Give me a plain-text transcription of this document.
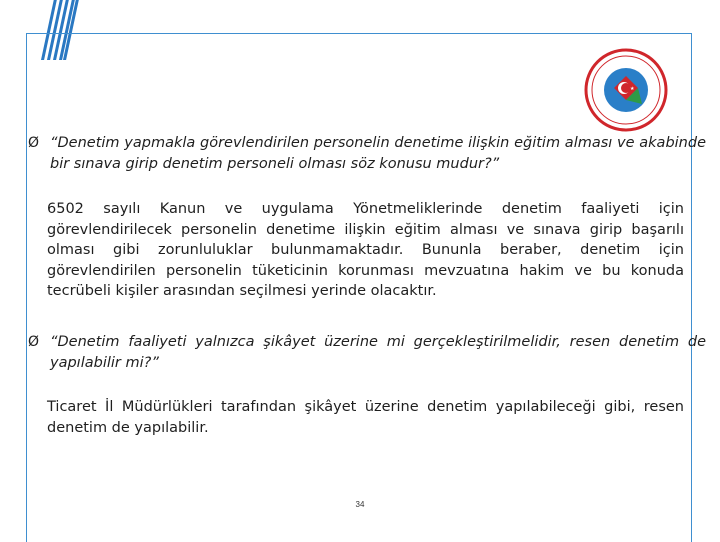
★
Ø “Denetim yapmakla görevlendirilen personelin denetime ilişkin eğitim alması ve akabinde bir sınava girip denetim personeli olması söz konusu mudur?”
6502 sayılı Kanun ve uygulama Yönetmeliklerinde denetim faaliyeti için görevlendirilecek personelin denetime ilişkin eğitim alması ve sınava girip başarılı olması gibi zorunluluklar bulunmamaktadır. Bununla beraber, denetim için görevlendirilen personelin tüketicinin korunması mevzuatına hakim ve bu konuda tecrübeli kişiler arasından seçilmesi yerinde olacaktır.
Ø “Denetim faaliyeti yalnızca şikâyet üzerine mi gerçekleştirilmelidir, resen denetim de yapılabilir mi?”
Ticaret İl Müdürlükleri tarafından şikâyet üzerine denetim yapılabileceği gibi, resen denetim de yapılabilir.
34
